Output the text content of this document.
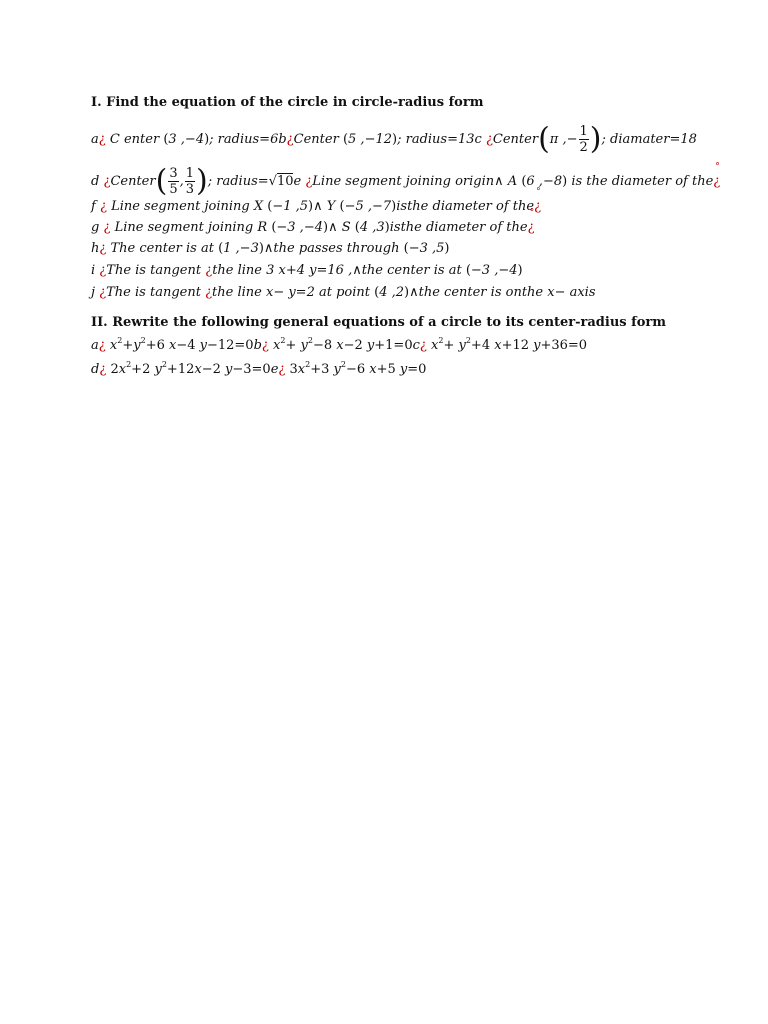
I. Find the equation of the circle in circle-radius form
a¿ C enter (3 ,−4); radius=6b¿Center (5 ,−12); radius=13c ¿Center(π ,− $\frac{1}{2}$ ); diamater=18
d ¿Center( $\frac{3}{5}$ , $\frac{1}{3}$ ); radius=√10e ¿Line segment joining origin∧ A (6 ,−8) is the diameter of the¿ °
f ¿ Line segment joining X (−1 ,5)∧ Y (−5 ,−7)isthe diameter of the¿ °
g ¿ Line segment joining R (−3 ,−4)∧ S (4 ,3)isthe diameter of the¿ °
h¿ The center is at (1 ,−3)∧the passes through (−3 ,5)
i ¿The is tangent ¿the line 3 x+4 y=16 ,∧the center is at (−3 ,−4)
j ¿The is tangent ¿the line x− y=2 at point (4 ,2)∧the center is onthe x− axis
II. Rewrite the following general equations of a circle to its center-radius form
a¿ $x^2+y^2+6$ x−4 y−12=0b¿ $x^2+ y^2-8$ x−2 y+1=0c¿ $x^2+ y^2+4$ x+12 y+36=0
d¿ $2x^2+2$ $y^2+12x-2$ y−3=0e¿ $3x^2+3$ $y^2-6$ x+5 y=0
